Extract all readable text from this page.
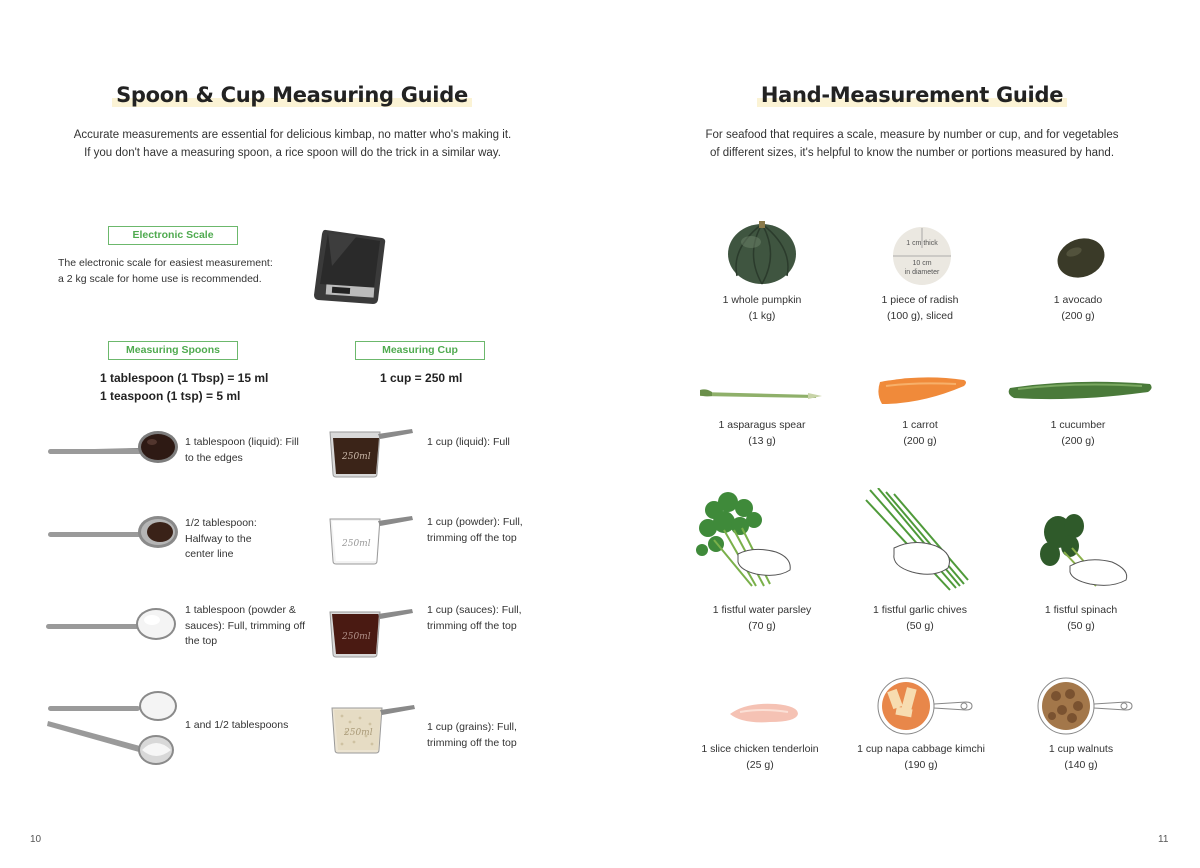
Spoon & Cup Measuring Guide
Accurate measurements are essential for delicious kimbap, no matter who's making it.
If you don't have a measuring spoon, a rice spoon will do the trick in a similar way.
Electronic Scale
The electronic scale for easiest measurement:
a 2 kg scale for home use is recommended.
Measuring Spoons
1 tablespoon (1 Tbsp) = 15 ml
1 teaspoon (1 tsp) = 5 ml
Measuring Cup
1 cup = 250 ml
1 tablespoon (liquid): Fill
to the edges
1/2 tablespoon:
Halfway to the
center line
1 tablespoon (powder &
sauces): Full, trimming off
the top
1 and 1/2 tablespoons
250ml
1 cup (liquid): Full
250ml
1 cup (powder): Full,
trimming off the top
250ml
1 cup (sauces): Full,
trimming off the top
250ml	1 cup (grains): Full,
trimming off the top
10
Hand-Measurement Guide
For seafood that requires a scale, measure by number or cup, and for vegetables
of different sizes, it's helpful to know the number or portions measured by hand.
1 cm thick
10 cm
in diameter
1 whole pumpkin
(1 kg)
1 piece of radish
(100 g), sliced
1 avocado
(200 g)
1 asparagus spear
(13 g)
1 carrot
(200 g)
1 cucumber
(200 g)
1 fistful water parsley
(70 g)
1 fistful garlic chives
(50 g)
1 fistful spinach
(50 g)
1 slice chicken tenderloin
(25 g)
1 cup napa cabbage kimchi
(190 g)
1 cup walnuts
(140 g)
11
